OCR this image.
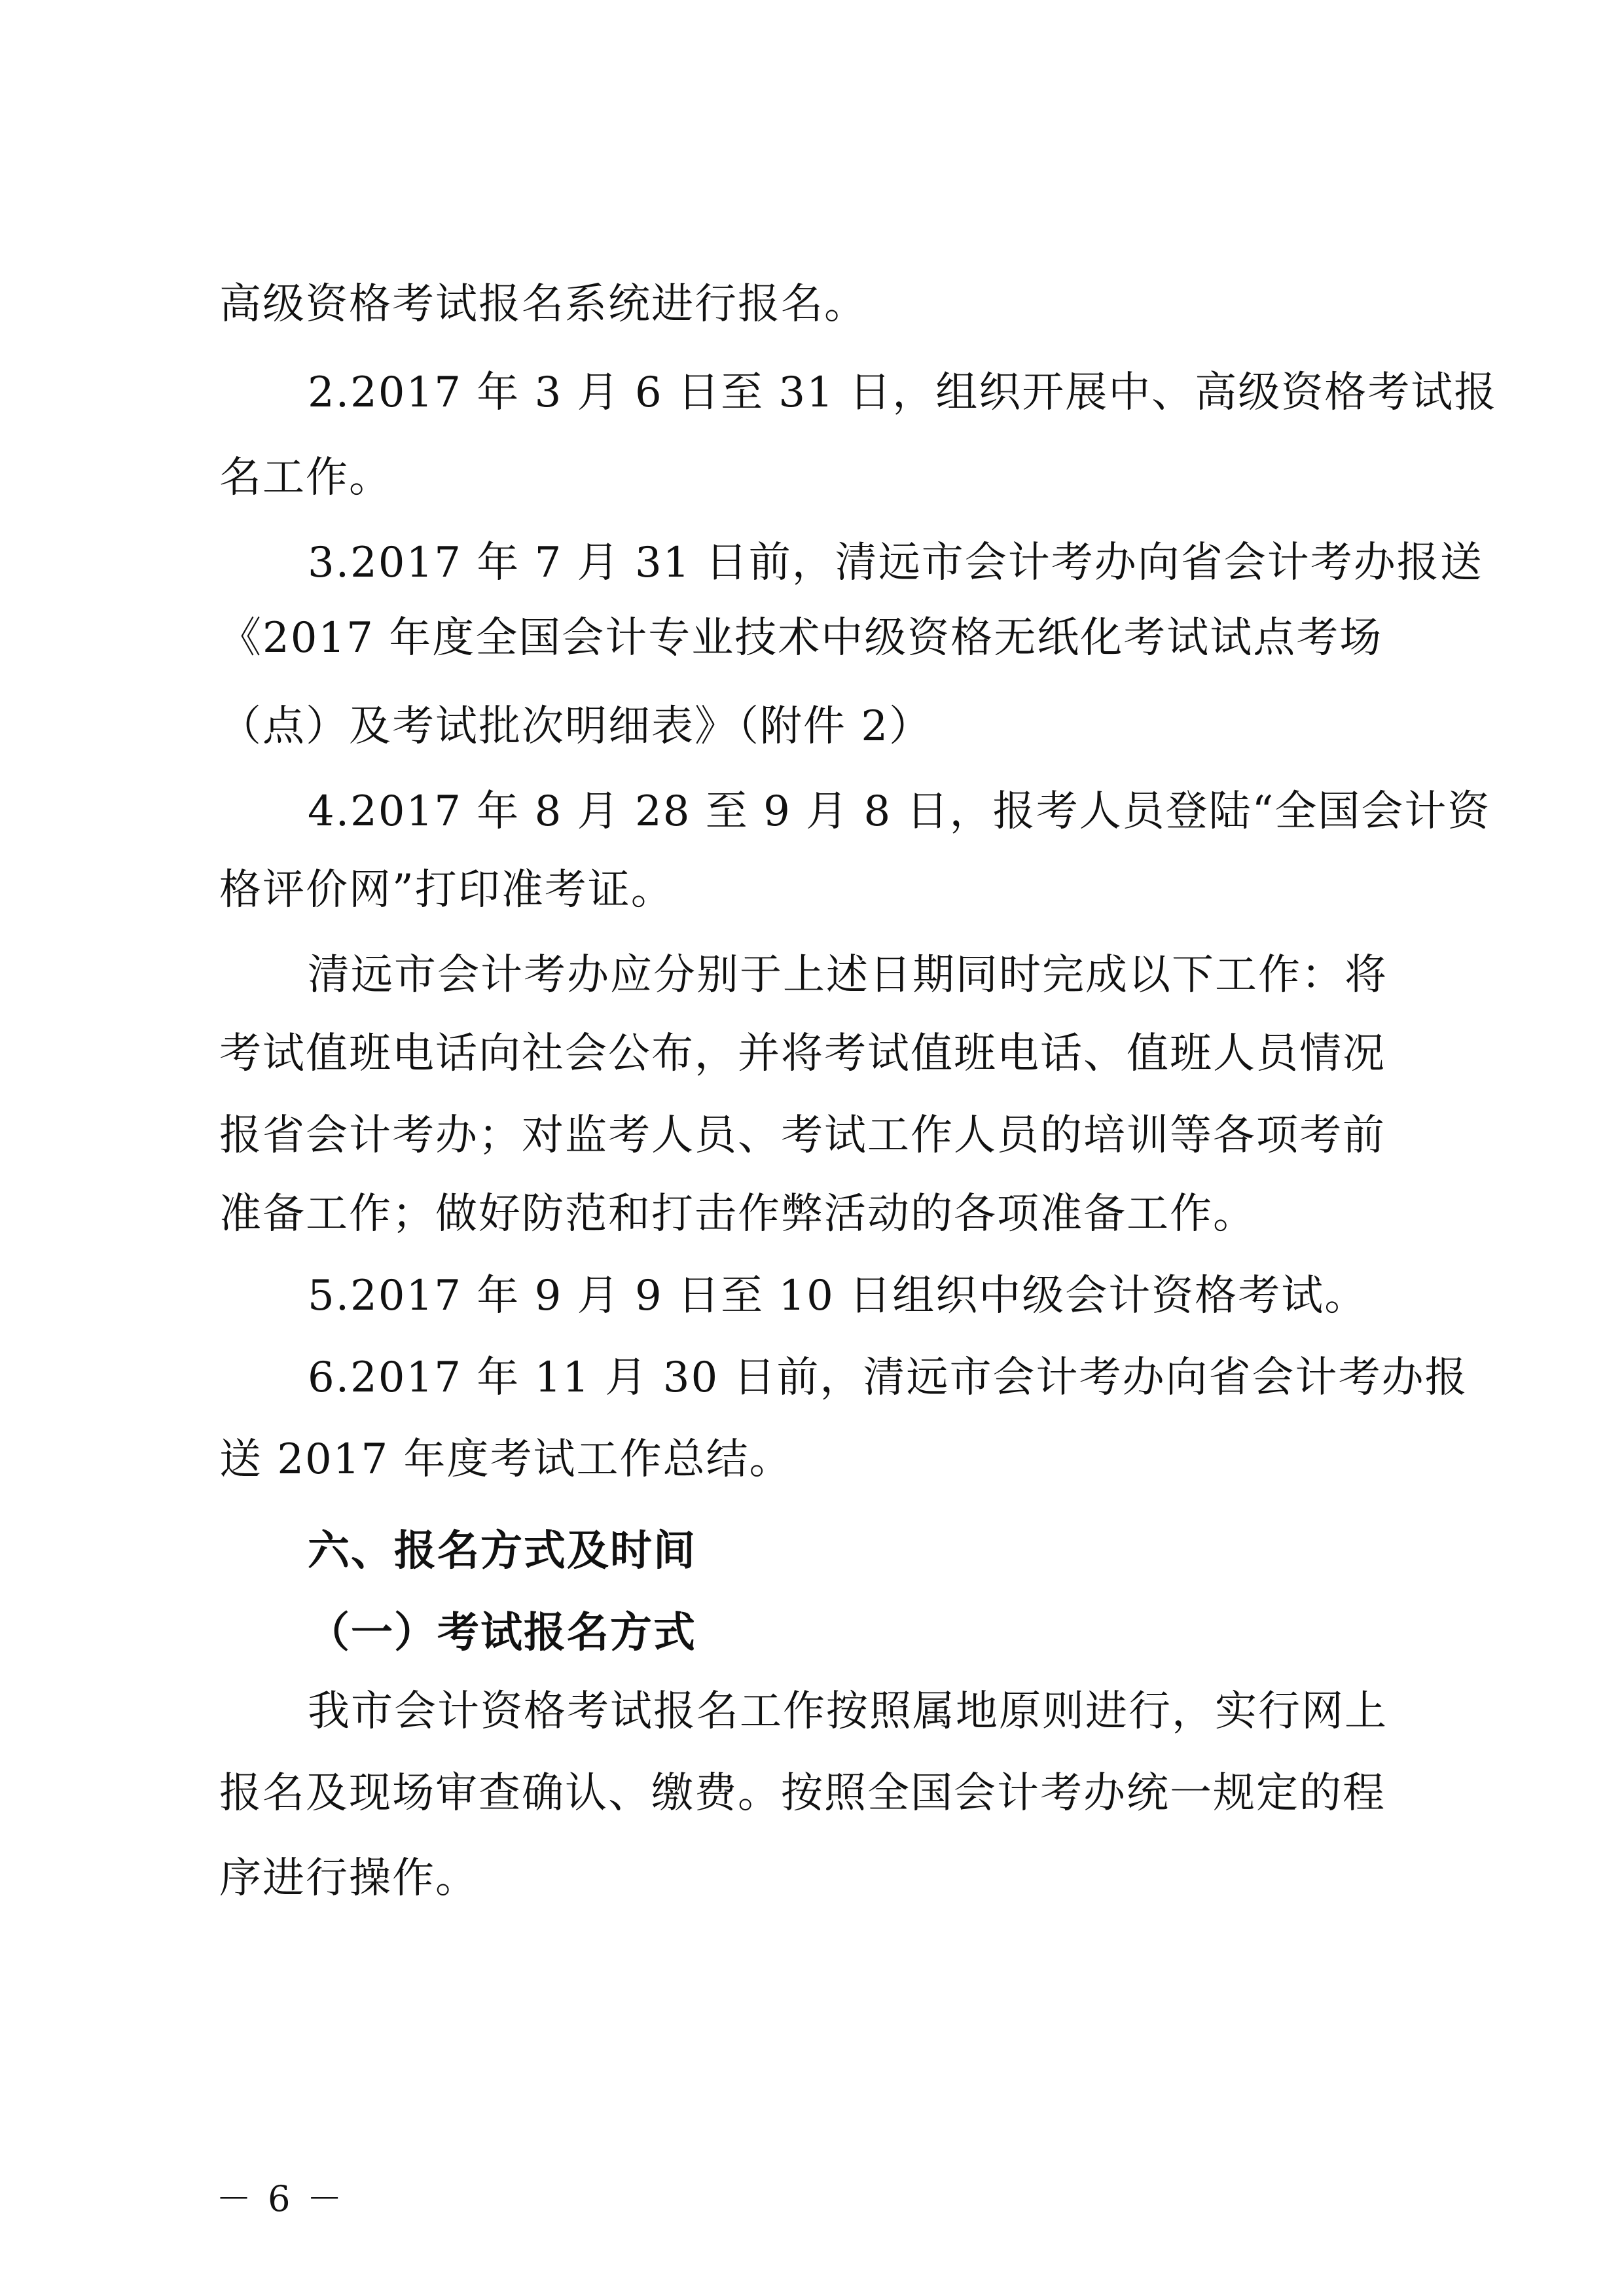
高级资格考试报名系统进行报名。
2.2017 年 3 月 6 日至 31 日，组织开展中、高级资格考试报
名工作。
3.2017 年 7 月 31 日前，清远市会计考办向省会计考办报送
《2017 年度全国会计专业技术中级资格无纸化考试试点考场
（点）及考试批次明细表》（附件 2）
4.2017 年 8 月 28 至 9 月 8 日，报考人员登陆“全国会计资
格评价网”打印准考证。
清远市会计考办应分别于上述日期同时完成以下工作：将
考试值班电话向社会公布，并将考试值班电话、值班人员情况
报省会计考办；对监考人员、考试工作人员的培训等各项考前
准备工作；做好防范和打击作弊活动的各项准备工作。
5.2017 年 9 月 9 日至 10 日组织中级会计资格考试。
6.2017 年 11 月 30 日前，清远市会计考办向省会计考办报
送 2017 年度考试工作总结。
六、报名方式及时间
（一）考试报名方式
我市会计资格考试报名工作按照属地原则进行，实行网上
报名及现场审查确认、缴费。按照全国会计考办统一规定的程
序进行操作。
－ 6 －
